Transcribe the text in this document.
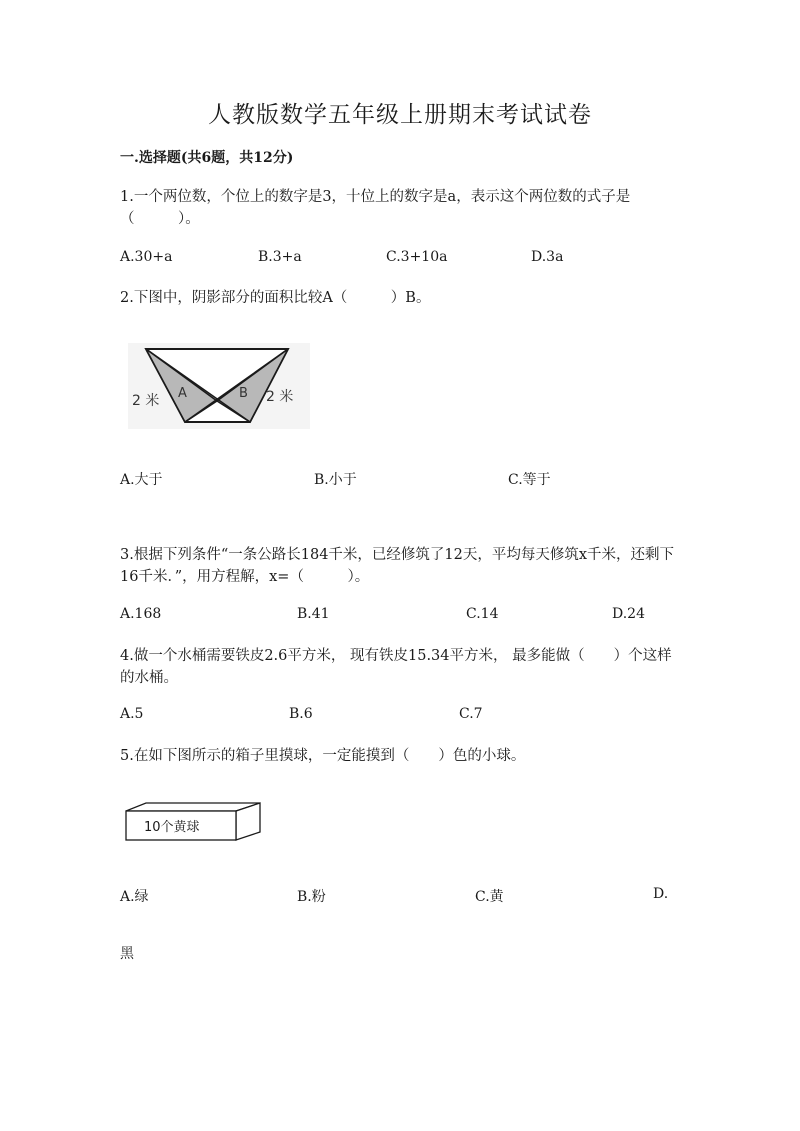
人教版数学五年级上册期末考试试卷
一.选择题(共6题，共12分)
1.一个两位数，个位上的数字是3，十位上的数字是a，表示这个两位数的式子是（　　　）。
A.30+a	B.3+a	C.3+10a	D.3a
2.下图中，阴影部分的面积比较A（　　　）B。
A	B
2 米	2 米
A.大于	B.小于	C.等于
3.根据下列条件“一条公路长184千米，已经修筑了12天，平均每天修筑x千米，还剩下16千米．”，用方程解，x=（　　　）。
A.168	B.41	C.14	D.24
4.做一个水桶需要铁皮2.6平方米， 现有铁皮15.34平方米， 最多能做（　　）个这样的水桶。
A.5	B.6	C.7
5.在如下图所示的箱子里摸球，一定能摸到（　　）色的小球。
10个黄球
A.绿	B.粉	C.黄	D.
黑
